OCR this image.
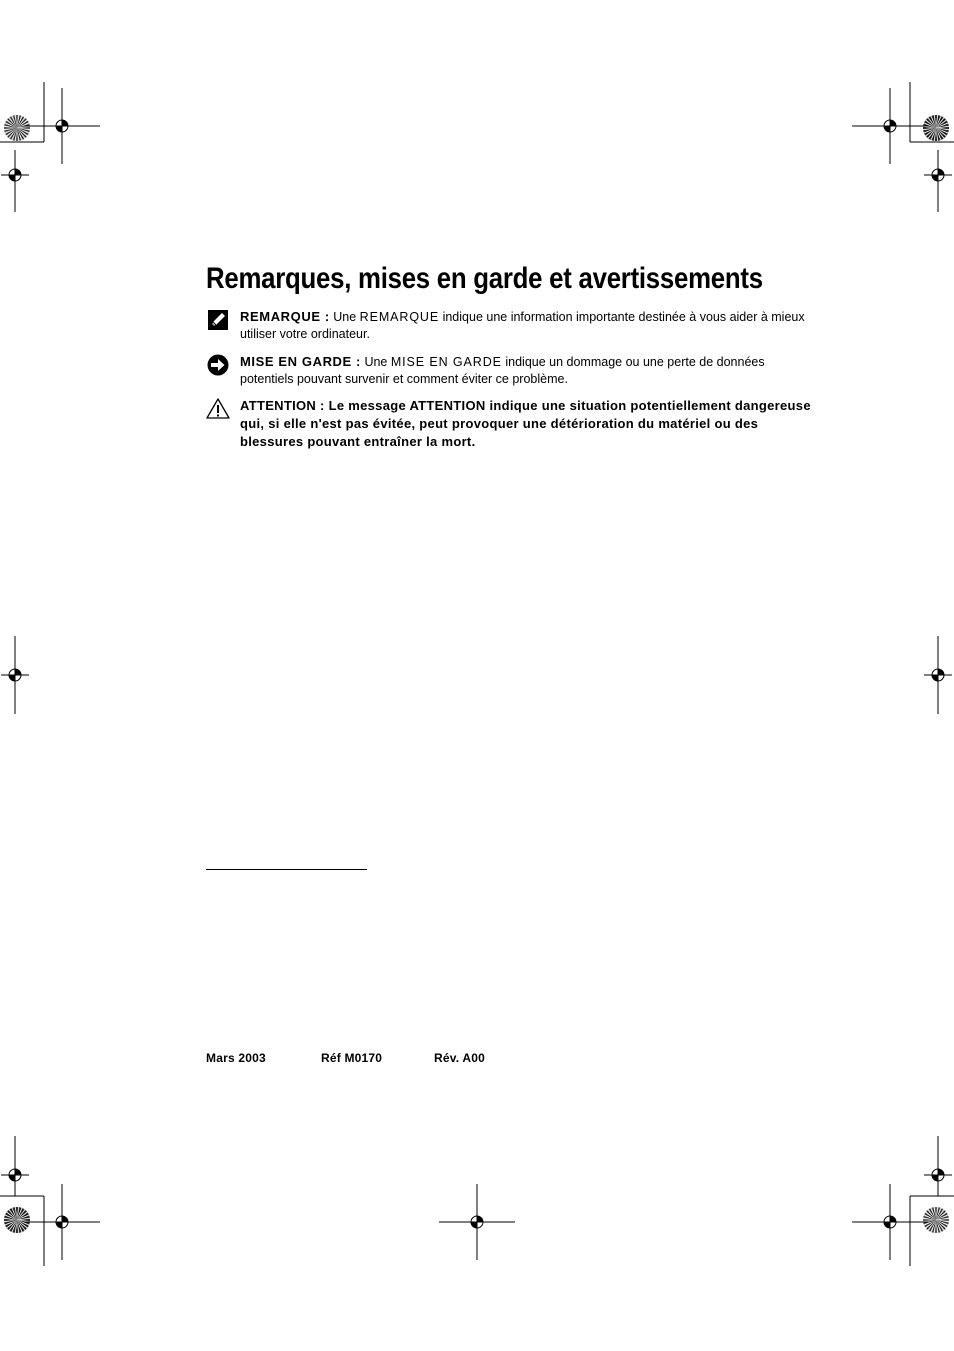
Remarques, mises en garde et avertissements
REMARQUE : Une REMARQUE indique une information importante destinée à vous aider à mieux utiliser votre ordinateur.
MISE EN GARDE : Une MISE EN GARDE indique un dommage ou une perte de données potentiels pouvant survenir et comment éviter ce problème.
ATTENTION : Le message ATTENTION indique une situation potentiellement dangereuse qui, si elle n'est pas évitée, peut provoquer une détérioration du matériel ou des blessures pouvant entraîner la mort.
Mars 2003	Réf M0170	Rév. A00
